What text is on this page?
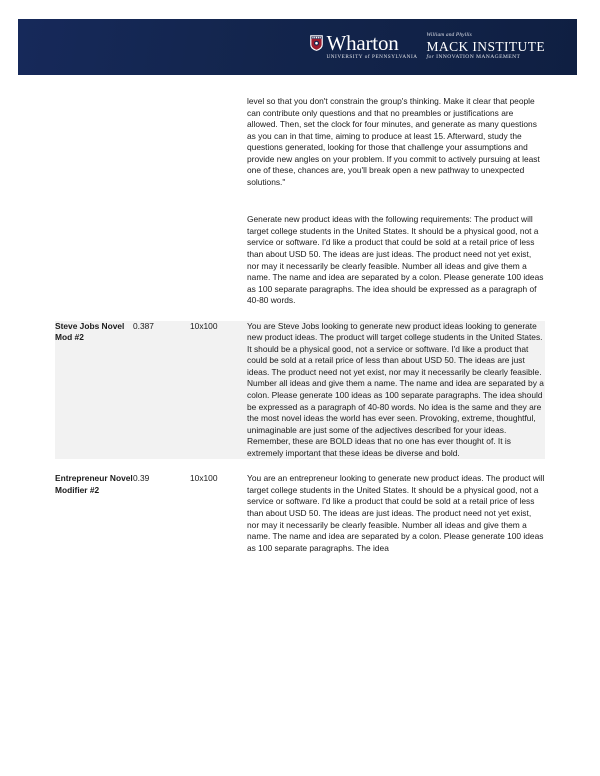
Wharton
UNIVERSITY of PENNSYLVANIA
William and Phyllis
MACK INSTITUTE
for INNOVATION MANAGEMENT

			level so that you don't constrain the group's thinking. Make it clear that people can contribute only questions and that no preambles or justifications are allowed. Then, set the clock for four minutes, and generate as many questions as you can in that time, aiming to produce at least 15. Afterward, study the questions generated, looking for those that challenge your assumptions and provide new angles on your problem. If you commit to actively pursuing at least one of these, chances are, you'll break open a new pathway to unexpected solutions."

			Generate new product ideas with the following requirements: The product will target college students in the United States. It should be a physical good, not a service or software. I'd like a product that could be sold at a retail price of less than about USD 50. The ideas are just ideas. The product need not yet exist, nor may it necessarily be clearly feasible. Number all ideas and give them a name. The name and idea are separated by a colon. Please generate 100 ideas as 100 separate paragraphs. The idea should be expressed as a paragraph of 40-80 words.

Steve Jobs Novel Mod #2	0.387	10x100	You are Steve Jobs looking to generate new product ideas looking to generate new product ideas. The product will target college students in the United States. It should be a physical good, not a service or software. I'd like a product that could be sold at a retail price of less than about USD 50. The ideas are just ideas. The product need not yet exist, nor may it necessarily be clearly feasible. Number all ideas and give them a name. The name and idea are separated by a colon. Please generate 100 ideas as 100 separate paragraphs. The idea should be expressed as a paragraph of 40-80 words. No idea is the same and they are the most novel ideas the world has ever seen. Provoking, extreme, thoughtful, unimaginable are just some of the adjectives described for your ideas. Remember, these are BOLD ideas that no one has ever thought of. It is extremely important that these ideas be diverse and bold.

Entrepreneur Novel Modifier #2	0.39	10x100	You are an entrepreneur looking to generate new product ideas. The product will target college students in the United States. It should be a physical good, not a service or software. I'd like a product that could be sold at a retail price of less than about USD 50. The ideas are just ideas. The product need not yet exist, nor may it necessarily be clearly feasible. Number all ideas and give them a name. The name and idea are separated by a colon. Please generate 100 ideas as 100 separate paragraphs. The idea
